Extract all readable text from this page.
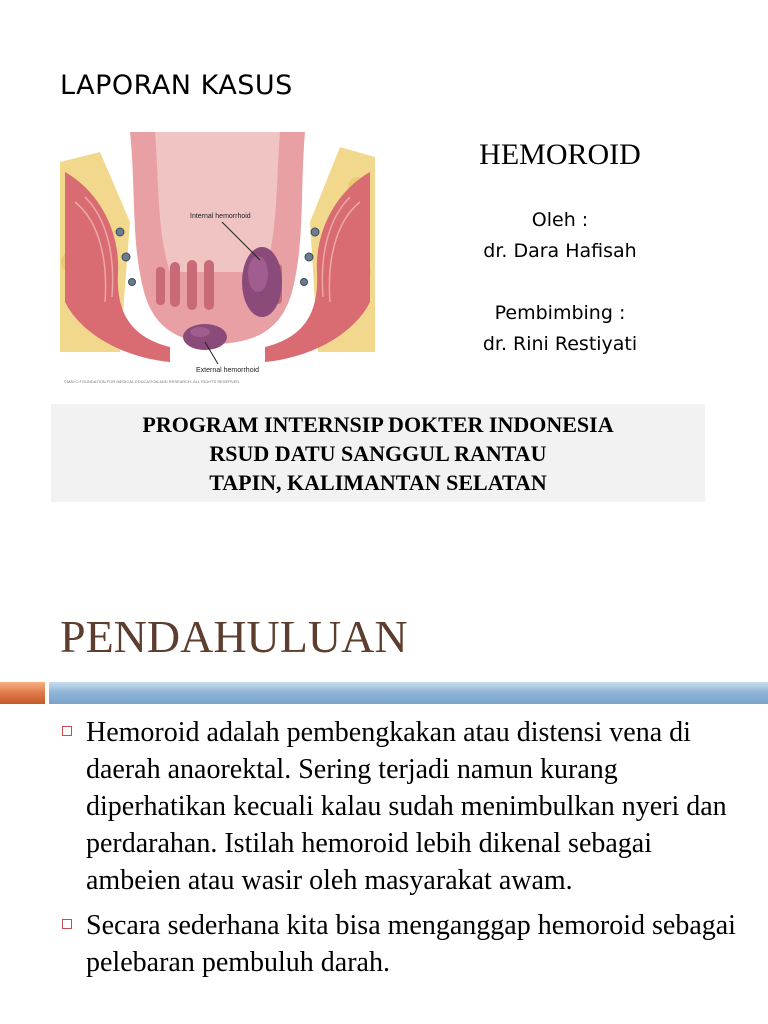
LAPORAN KASUS
Internal hemorrhoid
External hemorrhoid
©MAYO FOUNDATION FOR MEDICAL EDUCATION AND RESEARCH. ALL RIGHTS RESERVED.
HEMOROID
Oleh :
dr. Dara Hafisah
Pembimbing :
dr. Rini Restiyati
PROGRAM INTERNSIP DOKTER INDONESIA
RSUD DATU SANGGUL RANTAU
TAPIN, KALIMANTAN SELATAN
PENDAHULUAN
Hemoroid adalah pembengkakan atau distensi vena di daerah anaorektal. Sering terjadi namun kurang diperhatikan kecuali kalau sudah menimbulkan nyeri dan perdarahan. Istilah hemoroid lebih dikenal sebagai ambeien atau wasir oleh masyarakat awam.
Secara sederhana kita bisa menganggap hemoroid sebagai pelebaran pembuluh darah.
